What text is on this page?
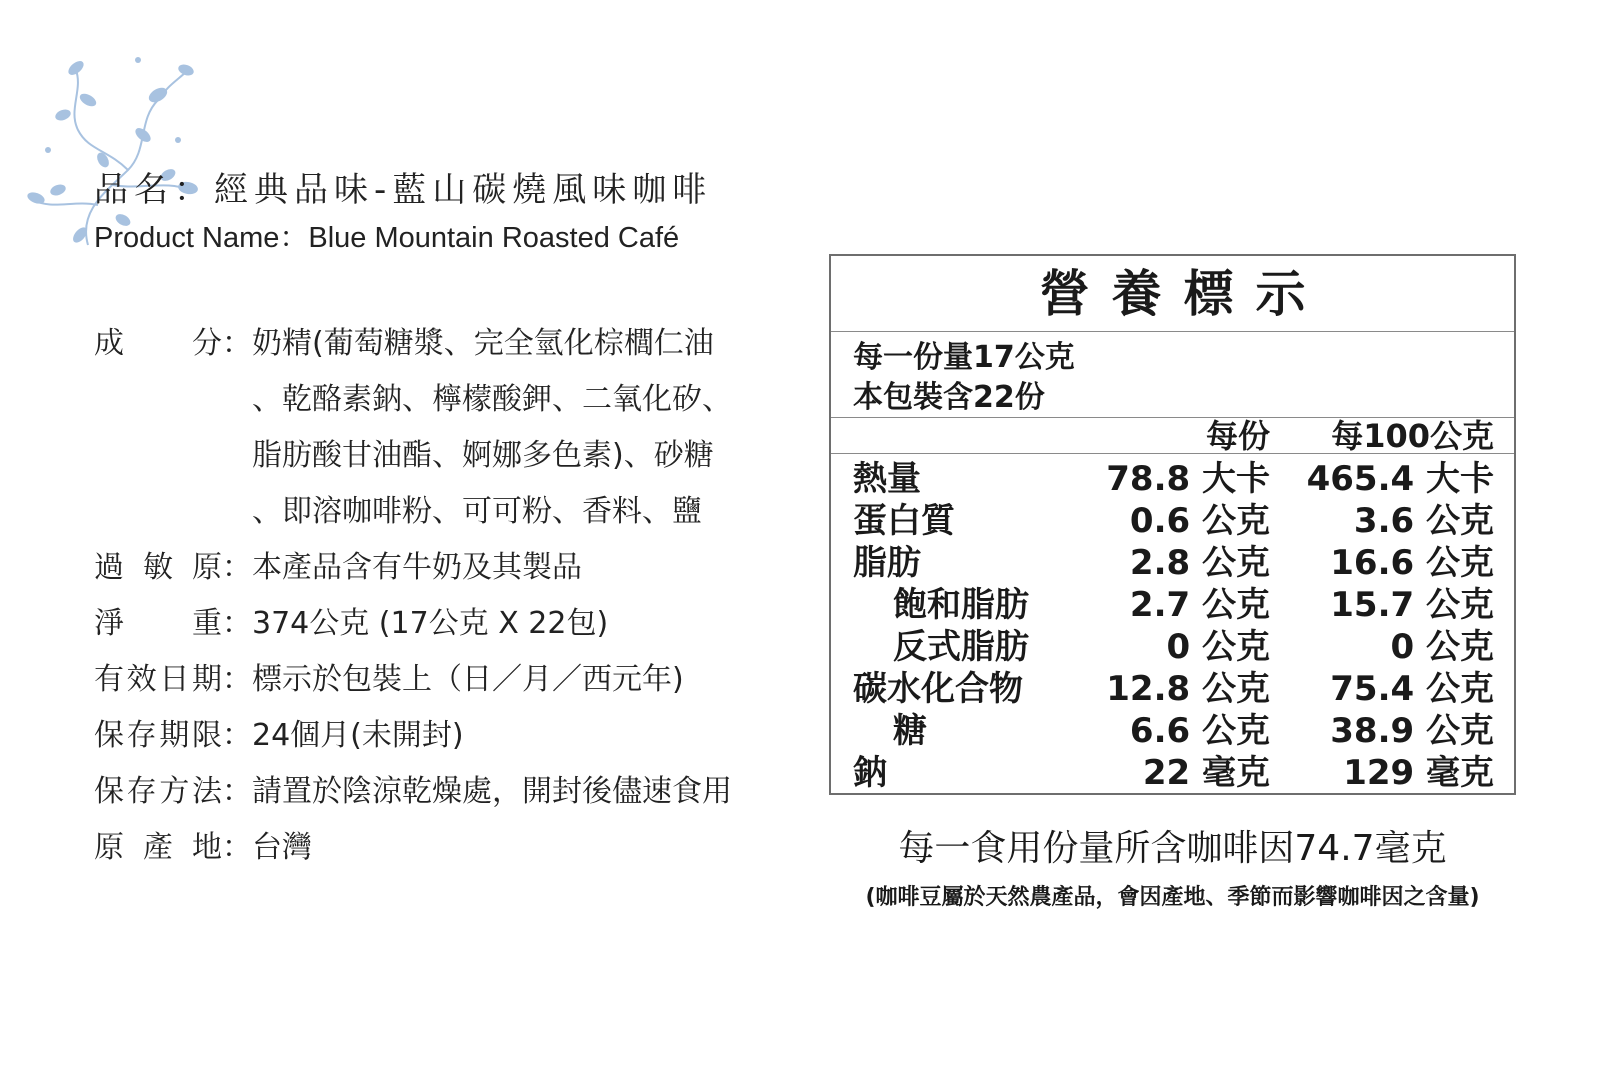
品名：經典品味-藍山碳燒風味咖啡
Product Name：Blue Mountain Roasted Café
成 分 ： 奶精(葡萄糖漿、完全氫化棕櫚仁油
、乾酪素鈉、檸檬酸鉀、二氧化矽、
脂肪酸甘油酯、婀娜多色素)、砂糖
、即溶咖啡粉、可可粉、香料、鹽
過 敏 原 ： 本產品含有牛奶及其製品
淨 重 ： 374公克 (17公克 X 22包)
有 效 日 期 ： 標示於包裝上（日／月／西元年)
保 存 期 限 ： 24個月(未開封)
保 存 方 法 ： 請置於陰涼乾燥處，開封後儘速食用
原 產 地 ： 台灣
營養標示
每一份量17公克
本包裝含22份
每份 每100公克
熱量	78.8 大卡 465.4 大卡
蛋白質	0.6 公克 3.6 公克
脂肪	2.8 公克 16.6 公克
飽和脂肪	2.7 公克 15.7 公克
反式脂肪	0 公克	0 公克
碳水化合物 12.8 公克 75.4 公克
糖	6.6 公克 38.9 公克
鈉	22 毫克 129 毫克
每一食用份量所含咖啡因74.7毫克
(咖啡豆屬於天然農產品，會因產地、季節而影響咖啡因之含量)
